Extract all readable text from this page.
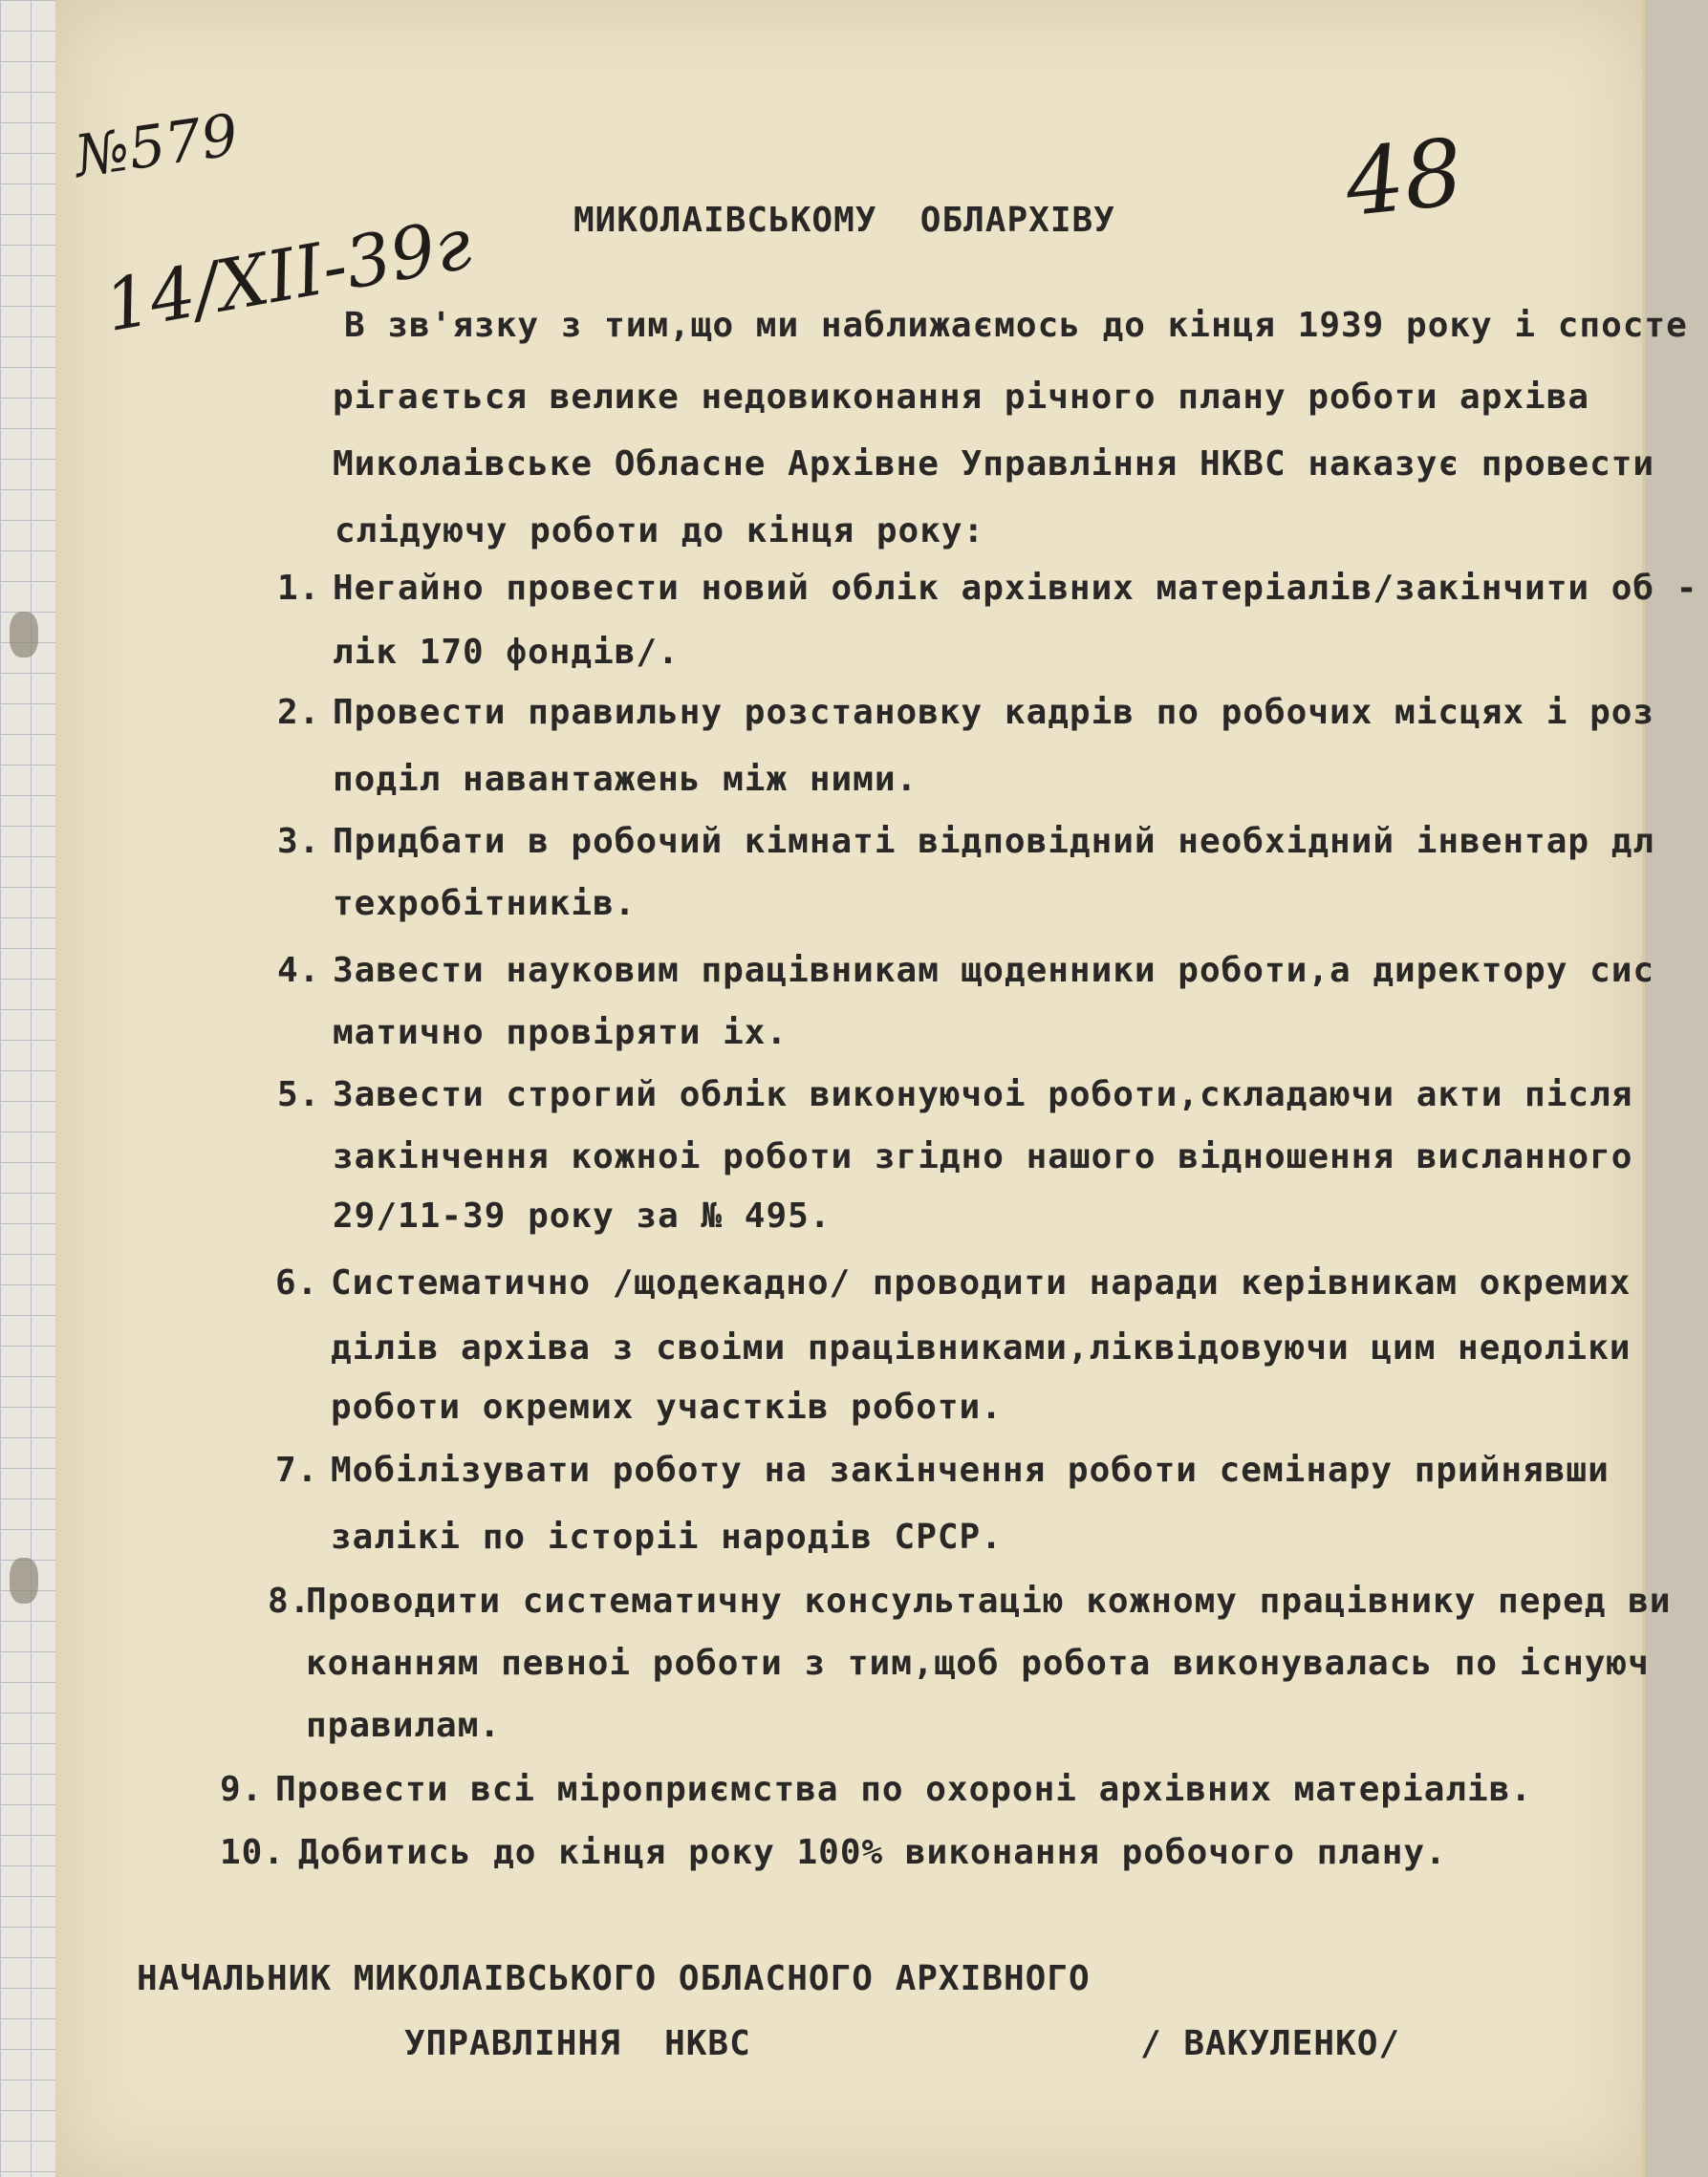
№579

14/XII-39г

48

МИКОЛАІВСЬКОМУ  ОБЛАРХІВУ

В зв'язку з тим,що ми наближаємось до кінця 1939 року і спосте

рігається велике недовиконання річного плану роботи архіва

Миколаівське Обласне Архівне Управління НКВС наказує провести

слідуючу роботи до кінця року:

1. Негайно провести новий облік архівних матеріалів/закінчити об -

лік 170 фондів/.

2. Провести правильну розстановку кадрів по робочих місцях і роз

поділ навантажень між ними.

3. Придбати в робочий кімнаті відповідний необхідний інвентар дл

техробітників.

4. Завести науковим працівникам щоденники роботи,а директору сис

матично провіряти іх.

5. Завести строгий облік виконуючоі роботи,складаючи акти після

закінчення кожноі роботи згідно нашого відношення висланного

29/11-39 року за № 495.

6. Систематично /щодекадно/ проводити наради керівникам окремих

ділів архіва з своіми працівниками,ліквідовуючи цим недоліки

роботи окремих участків роботи.

7. Мобілізувати роботу на закінчення роботи семінару прийнявши

залікі по історіі народів СРСР.

8.

Проводити систематичну консультацію кожному працівнику перед ви

конанням певноі роботи з тим,щоб робота виконувалась по існуюч

правилам.

9. Провести всі міроприємства по охороні архівних матеріалів.

10. Добитись до кінця року 100% виконання робочого плану.

НАЧАЛЬНИК МИКОЛАІВСЬКОГО ОБЛАСНОГО АРХІВНОГО

УПРАВЛІННЯ  НКВС	/ ВАКУЛЕНКО/
